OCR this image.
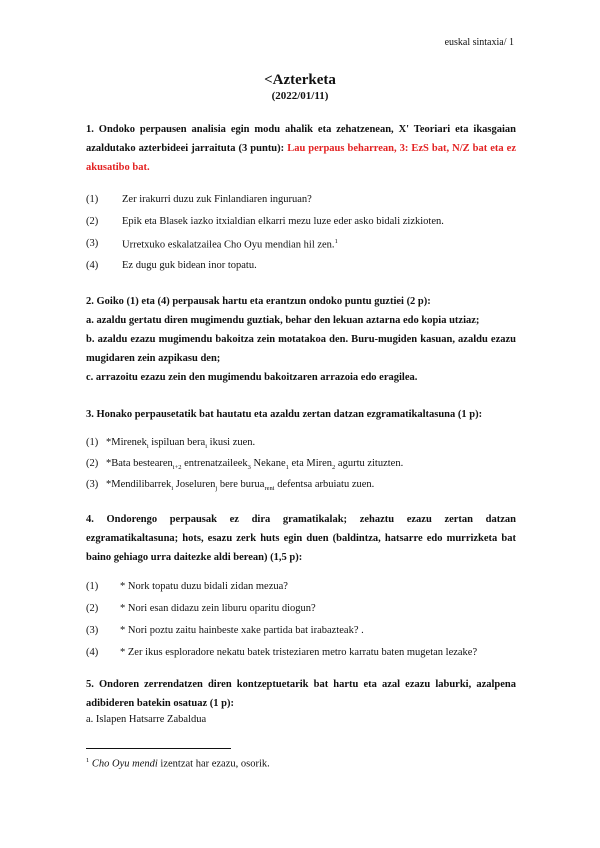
euskal sintaxia/ 1
<Azterketa
(2022/01/11)
1. Ondoko perpausen analisia egin modu ahalik eta zehatzenean, X' Teoriari eta ikasgaian azaldutako azterbideei jarraituta (3 puntu): Lau perpaus beharrean, 3: EzS bat, N/Z bat eta ez akusatibo bat.
(1) Zer irakurri duzu zuk Finlandiaren inguruan?
(2) Epik eta Blasek iazko itxialdian elkarri mezu luze eder asko bidali zizkioten.
(3) Urretxuko eskalatzailea Cho Oyu mendian hil zen.$^1$
(4) Ez dugu guk bidean inor topatu.
2. Goiko (1) eta (4) perpausak hartu eta erantzun ondoko puntu guztiei (2 p):
a. azaldu gertatu diren mugimendu guztiak, behar den lekuan aztarna edo kopia utziaz;
b. azaldu ezazu mugimendu bakoitza zein motatakoa den. Buru-mugiden kasuan, azaldu ezazu mugidaren zein azpikasu den;
c. arrazoitu ezazu zein den mugimendu bakoitzaren arrazoia edo eragilea.
3. Honako perpausetatik bat hautatu eta azaldu zertan datzan ezgramatikaltasuna (1 p):
(1) *Mirenek$_i$ ispiluan bera$_i$ ikusi zuen.
(2) *Bata bestearen$_{i+2}$ entrenatzaileek$_3$ Nekane$_1$ eta Miren$_2$ agurtu zituzten.
(3) *Mendilibarrek$_i$ Joseluren$_j$ bere burua$_{reni}$ defentsa arbuiatu zuen.
4. Ondorengo perpausak ez dira gramatikalak; zehaztu ezazu zertan datzan ezgramatikaltasuna; hots, esazu zerk huts egin duen (baldintza, hatsarre edo murrizketa bat baino gehiago urra daitezke aldi berean) (1,5 p):
(1) * Nork topatu duzu bidali zidan mezua?
(2) * Nori esan didazu zein liburu oparitu diogun?
(3) * Nori poztu zaitu hainbeste xake partida bat irabazteak? .
(4) * Zer ikus esploradore nekatu batek tristeziaren metro karratu baten mugetan lezake?
5. Ondoren zerrendatzen diren kontzeptuetarik bat hartu eta azal ezazu laburki, azalpena adibideren batekin osatuaz (1 p):
a. Islapen Hatsarre Zabaldua
$^1$ Cho Oyu mendi izentzat har ezazu, osorik.
